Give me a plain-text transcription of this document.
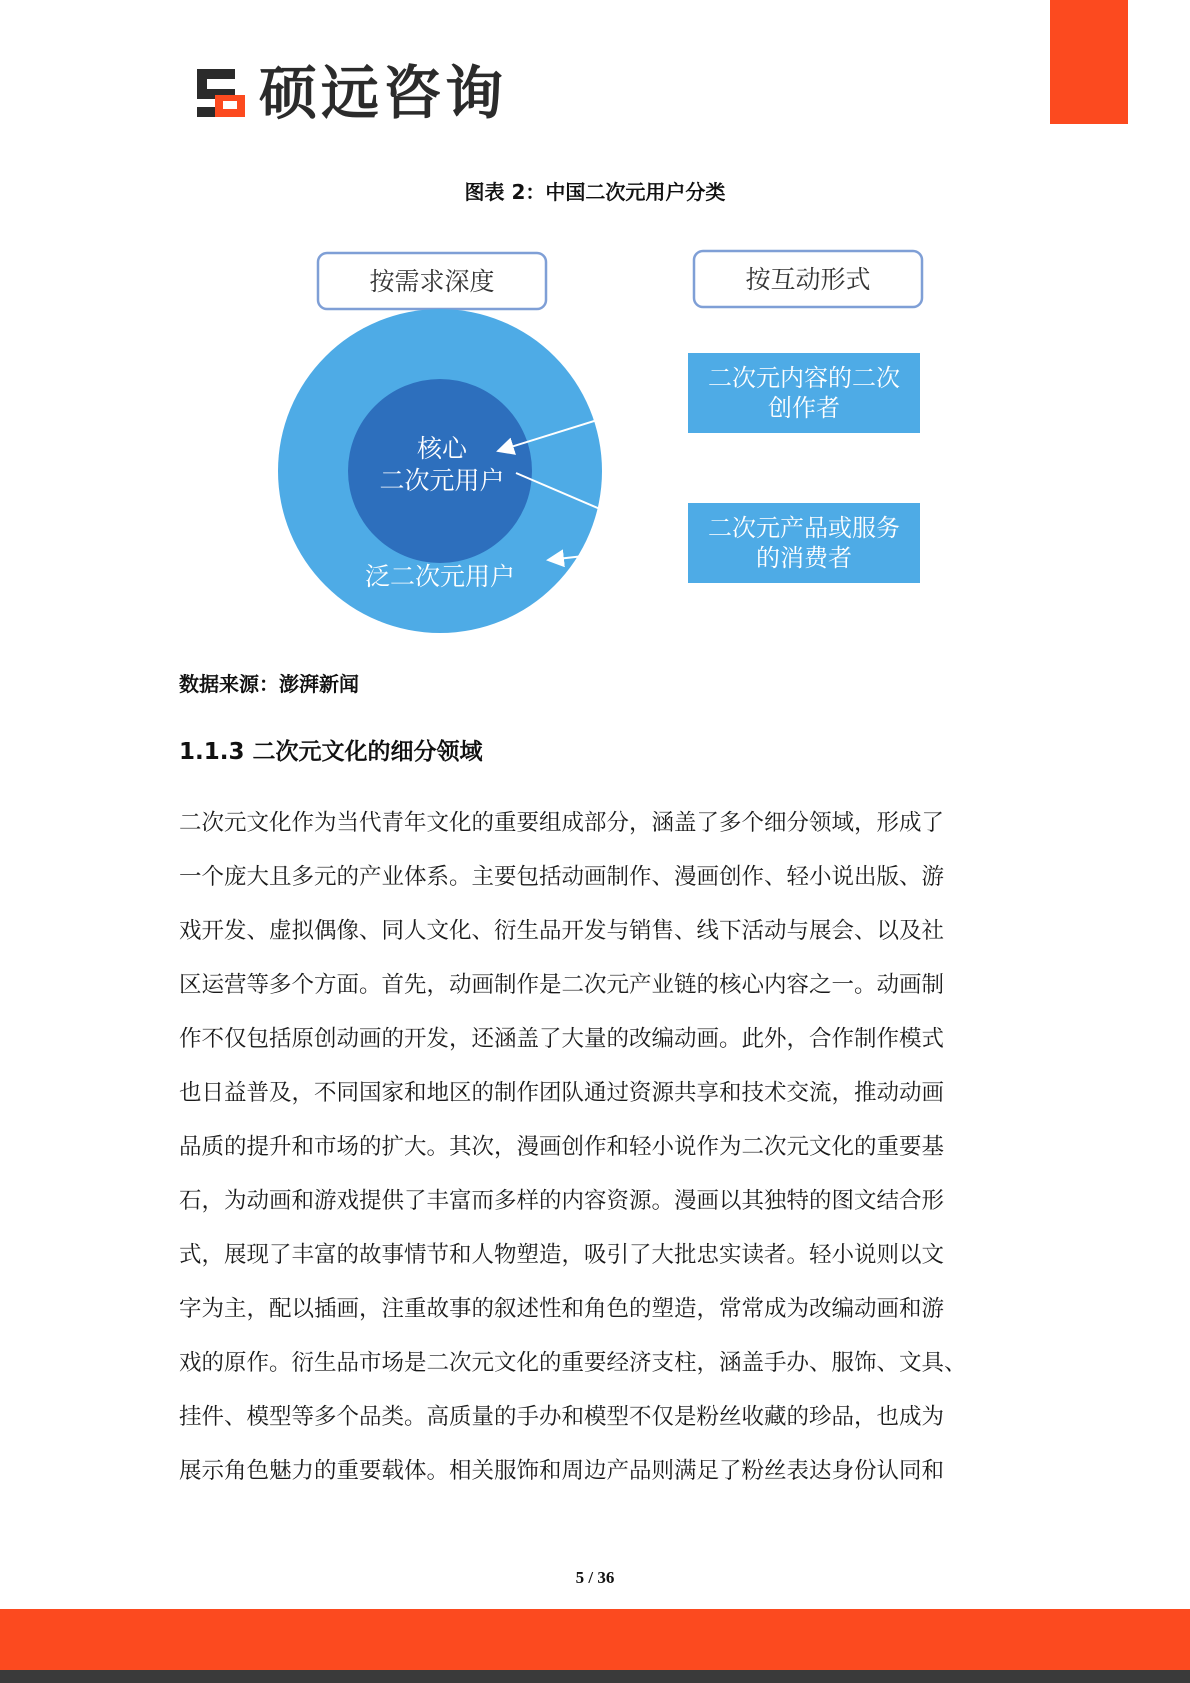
硕远咨询
图表 2：中国二次元用户分类
按需求深度	按互动形式
核心
二次元用户
泛二次元用户
二次元内容的二次
创作者
二次元产品或服务
的消费者
数据来源：澎湃新闻
1.1.3 二次元文化的细分领域

二次元文化作为当代青年文化的重要组成部分，涵盖了多个细分领域，形成了

一个庞大且多元的产业体系。主要包括动画制作、漫画创作、轻小说出版、游

戏开发、虚拟偶像、同人文化、衍生品开发与销售、线下活动与展会、以及社

区运营等多个方面。首先，动画制作是二次元产业链的核心内容之一。动画制

作不仅包括原创动画的开发，还涵盖了大量的改编动画。此外，合作制作模式

也日益普及，不同国家和地区的制作团队通过资源共享和技术交流，推动动画

品质的提升和市场的扩大。其次，漫画创作和轻小说作为二次元文化的重要基

石，为动画和游戏提供了丰富而多样的内容资源。漫画以其独特的图文结合形

式，展现了丰富的故事情节和人物塑造，吸引了大批忠实读者。轻小说则以文

字为主，配以插画，注重故事的叙述性和角色的塑造，常常成为改编动画和游

戏的原作。衍生品市场是二次元文化的重要经济支柱，涵盖手办、服饰、文具、

挂件、模型等多个品类。高质量的手办和模型不仅是粉丝收藏的珍品，也成为

展示角色魅力的重要载体。相关服饰和周边产品则满足了粉丝表达身份认同和

5 / 36
